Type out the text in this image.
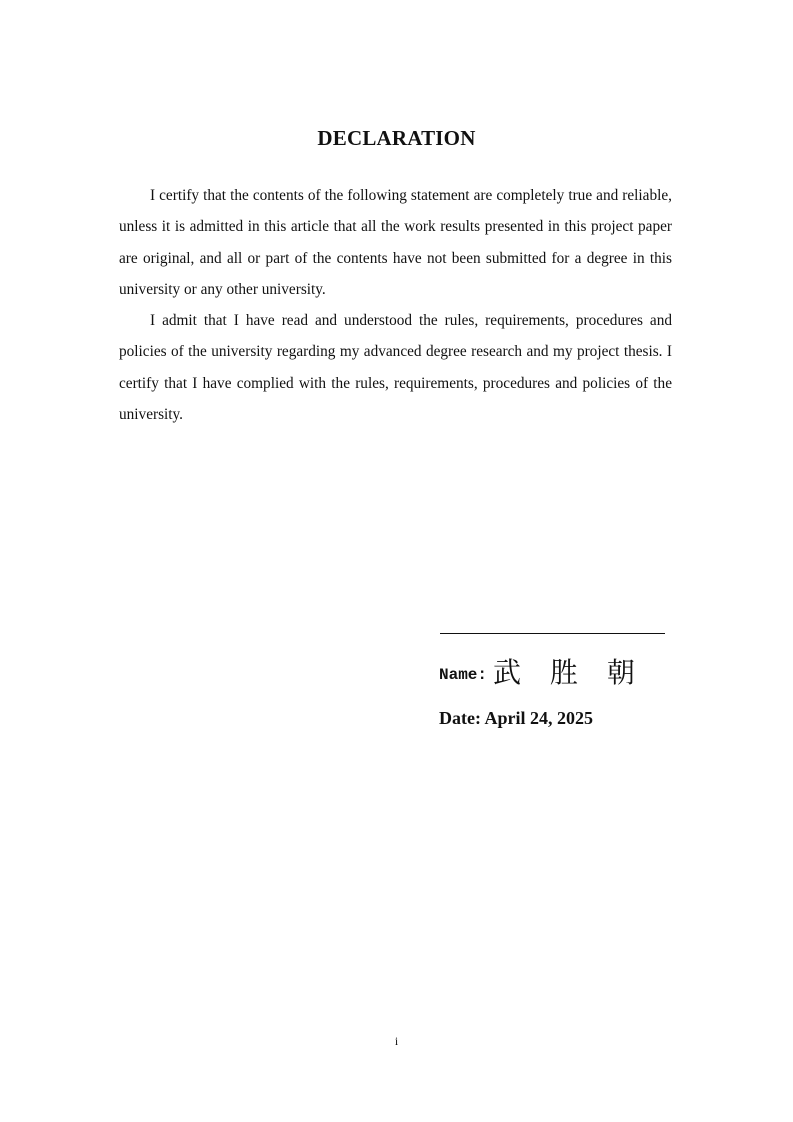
DECLARATION

I certify that the contents of the following statement are completely true and reliable, unless it is admitted in this article that all the work results presented in this project paper are original, and all or part of the contents have not been submitted for a degree in this university or any other university.

I admit that I have read and understood the rules, requirements, procedures and policies of the university regarding my advanced degree research and my project thesis. I certify that I have complied with the rules, requirements, procedures and policies of the university.

Name: 武 胜 朝

Date: April 24, 2025

i
